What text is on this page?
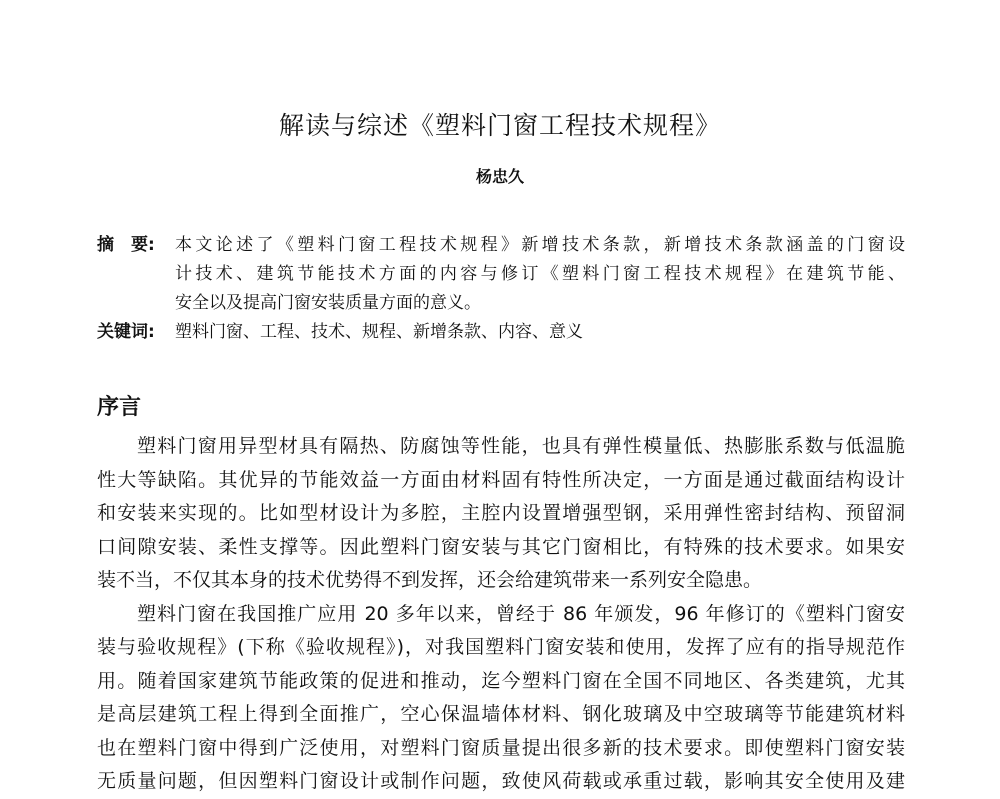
解读与综述《塑料门窗工程技术规程》
杨忠久
摘　要: 本文论述了《塑料门窗工程技术规程》新增技术条款，新增技术条款涵盖的门窗设
计技术、建筑节能技术方面的内容与修订《塑料门窗工程技术规程》在建筑节能、
安全以及提高门窗安装质量方面的意义。
关键词: 塑料门窗、工程、技术、规程、新增条款、内容、意义
序言
塑料门窗用异型材具有隔热、防腐蚀等性能，也具有弹性模量低、热膨胀系数与低温脆
性大等缺陷。其优异的节能效益一方面由材料固有特性所决定，一方面是通过截面结构设计
和安装来实现的。比如型材设计为多腔，主腔内设置增强型钢，采用弹性密封结构、预留洞
口间隙安装、柔性支撑等。因此塑料门窗安装与其它门窗相比，有特殊的技术要求。如果安
装不当，不仅其本身的技术优势得不到发挥，还会给建筑带来一系列安全隐患。
塑料门窗在我国推广应用 20 多年以来，曾经于 86 年颁发，96 年修订的《塑料门窗安
装与验收规程》(下称《验收规程》)，对我国塑料门窗安装和使用，发挥了应有的指导规范作
用。随着国家建筑节能政策的促进和推动，迄今塑料门窗在全国不同地区、各类建筑，尤其
是高层建筑工程上得到全面推广，空心保温墙体材料、钢化玻璃及中空玻璃等节能建筑材料
也在塑料门窗中得到广泛使用，对塑料门窗质量提出很多新的技术要求。即使塑料门窗安装
无质量问题，但因塑料门窗设计或制作问题，致使风荷载或承重过载，影响其安全使用及建
